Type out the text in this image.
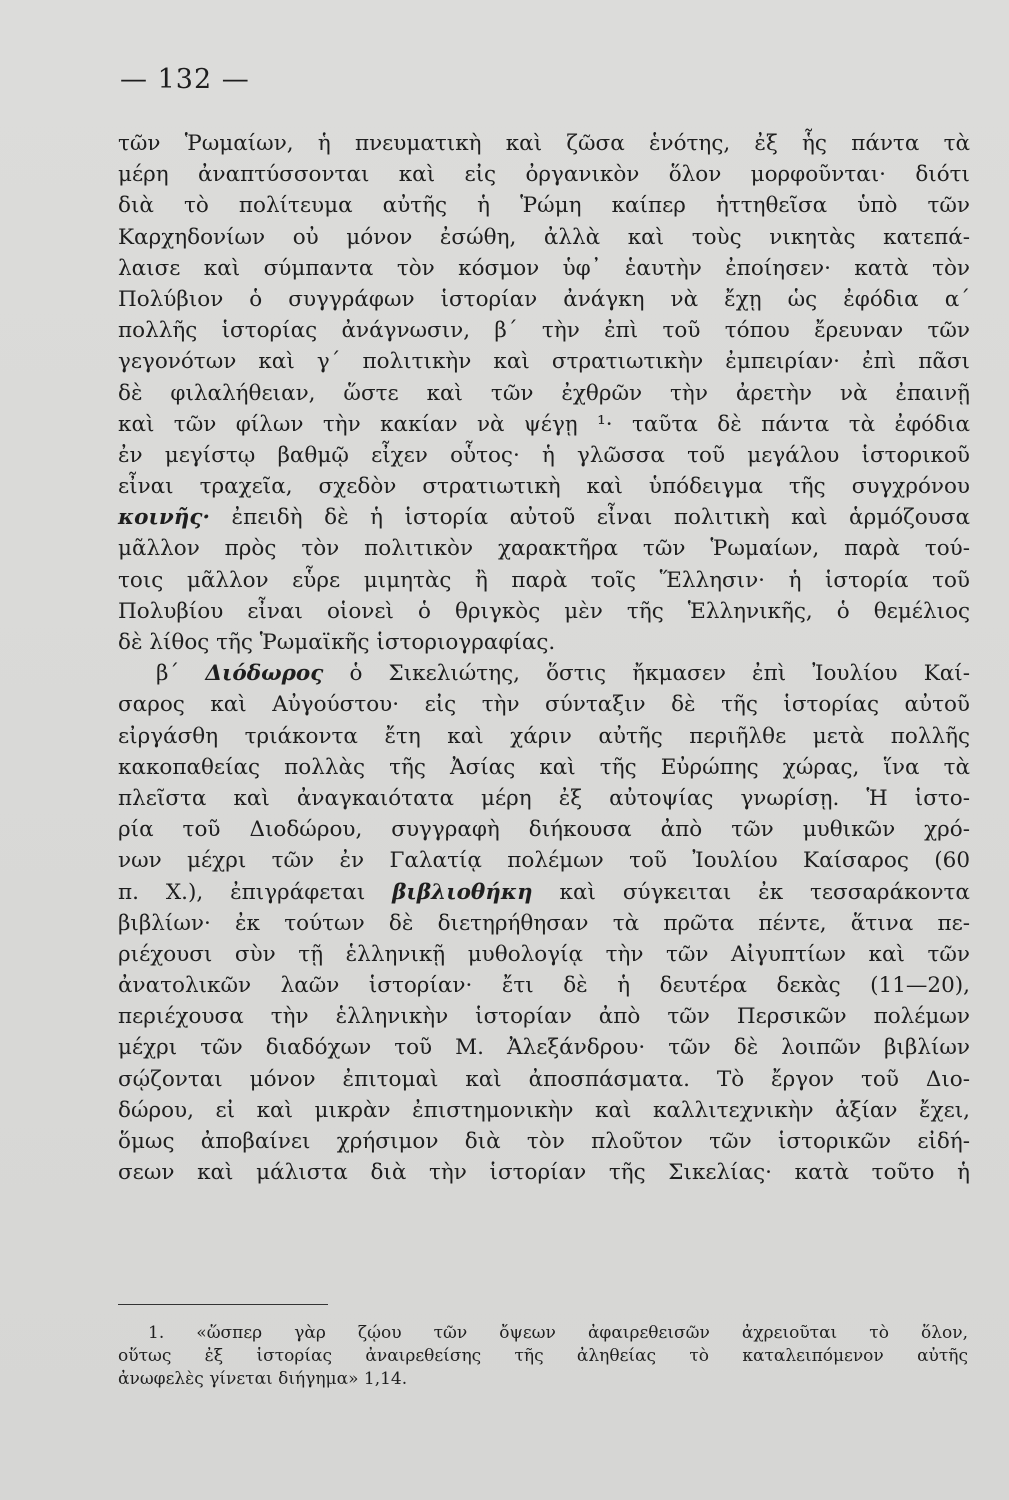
— 132 —
τῶν Ῥωμαίων, ἡ πνευματικὴ καὶ ζῶσα ἑνότης, ἐξ ἧς πάντα τὰ
μέρη ἀναπτύσσονται καὶ εἰς ὀργανικὸν ὅλον μορφοῦνται· διότι
διὰ τὸ πολίτευμα αὐτῆς ἡ Ῥώμη καίπερ ἡττηθεῖσα ὑπὸ τῶν
Καρχηδονίων οὐ μόνον ἐσώθη, ἀλλὰ καὶ τοὺς νικητὰς κατεπά-
λαισε καὶ σύμπαντα τὸν κόσμον ὑφ᾿ ἑαυτὴν ἐποίησεν· κατὰ τὸν
Πολύβιον ὁ συγγράφων ἱστορίαν ἀνάγκη νὰ ἔχῃ ὡς ἐφόδια α΄
πολλῆς ἱστορίας ἀνάγνωσιν, β΄ τὴν ἐπὶ τοῦ τόπου ἔρευναν τῶν
γεγονότων καὶ γ΄ πολιτικὴν καὶ στρατιωτικὴν ἐμπειρίαν· ἐπὶ πᾶσι
δὲ φιλαλήθειαν, ὥστε καὶ τῶν ἐχθρῶν τὴν ἀρετὴν νὰ ἐπαινῇ
καὶ τῶν φίλων τὴν κακίαν νὰ ψέγῃ ¹· ταῦτα δὲ πάντα τὰ ἐφόδια
ἐν μεγίστῳ βαθμῷ εἶχεν οὗτος· ἡ γλῶσσα τοῦ μεγάλου ἱστορικοῦ
εἶναι τραχεῖα, σχεδὸν στρατιωτικὴ καὶ ὑπόδειγμα τῆς συγχρόνου
κοινῆς· ἐπειδὴ δὲ ἡ ἱστορία αὐτοῦ εἶναι πολιτικὴ καὶ ἁρμόζουσα
μᾶλλον πρὸς τὸν πολιτικὸν χαρακτῆρα τῶν Ῥωμαίων, παρὰ τού-
τοις μᾶλλον εὗρε μιμητὰς ἢ παρὰ τοῖς Ἕλλησιν· ἡ ἱστορία τοῦ
Πολυβίου εἶναι οἱονεὶ ὁ θριγκὸς μὲν τῆς Ἑλληνικῆς, ὁ θεμέλιος
δὲ λίθος τῆς Ῥωμαϊκῆς ἱστοριογραφίας.
β΄ Διόδωρος ὁ Σικελιώτης, ὅστις ἤκμασεν ἐπὶ Ἰουλίου Καί-
σαρος καὶ Αὐγούστου· εἰς τὴν σύνταξιν δὲ τῆς ἱστορίας αὐτοῦ
εἰργάσθη τριάκοντα ἔτη καὶ χάριν αὐτῆς περιῆλθε μετὰ πολλῆς
κακοπαθείας πολλὰς τῆς Ἀσίας καὶ τῆς Εὐρώπης χώρας, ἵνα τὰ
πλεῖστα καὶ ἀναγκαιότατα μέρη ἐξ αὐτοψίας γνωρίσῃ. Ἡ ἱστο-
ρία τοῦ Διοδώρου, συγγραφὴ διήκουσα ἀπὸ τῶν μυθικῶν χρό-
νων μέχρι τῶν ἐν Γαλατίᾳ πολέμων τοῦ Ἰουλίου Καίσαρος (60
π. Χ.), ἐπιγράφεται βιβλιοθήκη καὶ σύγκειται ἐκ τεσσαράκοντα
βιβλίων· ἐκ τούτων δὲ διετηρήθησαν τὰ πρῶτα πέντε, ἅτινα πε-
ριέχουσι σὺν τῇ ἑλληνικῇ μυθολογίᾳ τὴν τῶν Αἰγυπτίων καὶ τῶν
ἀνατολικῶν λαῶν ἱστορίαν· ἔτι δὲ ἡ δευτέρα δεκὰς (11—20),
περιέχουσα τὴν ἑλληνικὴν ἱστορίαν ἀπὸ τῶν Περσικῶν πολέμων
μέχρι τῶν διαδόχων τοῦ Μ. Ἀλεξάνδρου· τῶν δὲ λοιπῶν βιβλίων
σῴζονται μόνον ἐπιτομαὶ καὶ ἀποσπάσματα. Τὸ ἔργον τοῦ Διο-
δώρου, εἰ καὶ μικρὰν ἐπιστημονικὴν καὶ καλλιτεχνικὴν ἀξίαν ἔχει,
ὅμως ἀποβαίνει χρήσιμον διὰ τὸν πλοῦτον τῶν ἱστορικῶν εἰδή-
σεων καὶ μάλιστα διὰ τὴν ἱστορίαν τῆς Σικελίας· κατὰ τοῦτο ἡ
1. «ὥσπερ γὰρ ζῴου τῶν ὄψεων ἀφαιρεθεισῶν ἀχρειοῦται τὸ ὅλον,
οὕτως ἐξ ἱστορίας ἀναιρεθείσης τῆς ἀληθείας τὸ καταλειπόμενον αὐτῆς
ἀνωφελὲς γίνεται διήγημα» 1,14.
